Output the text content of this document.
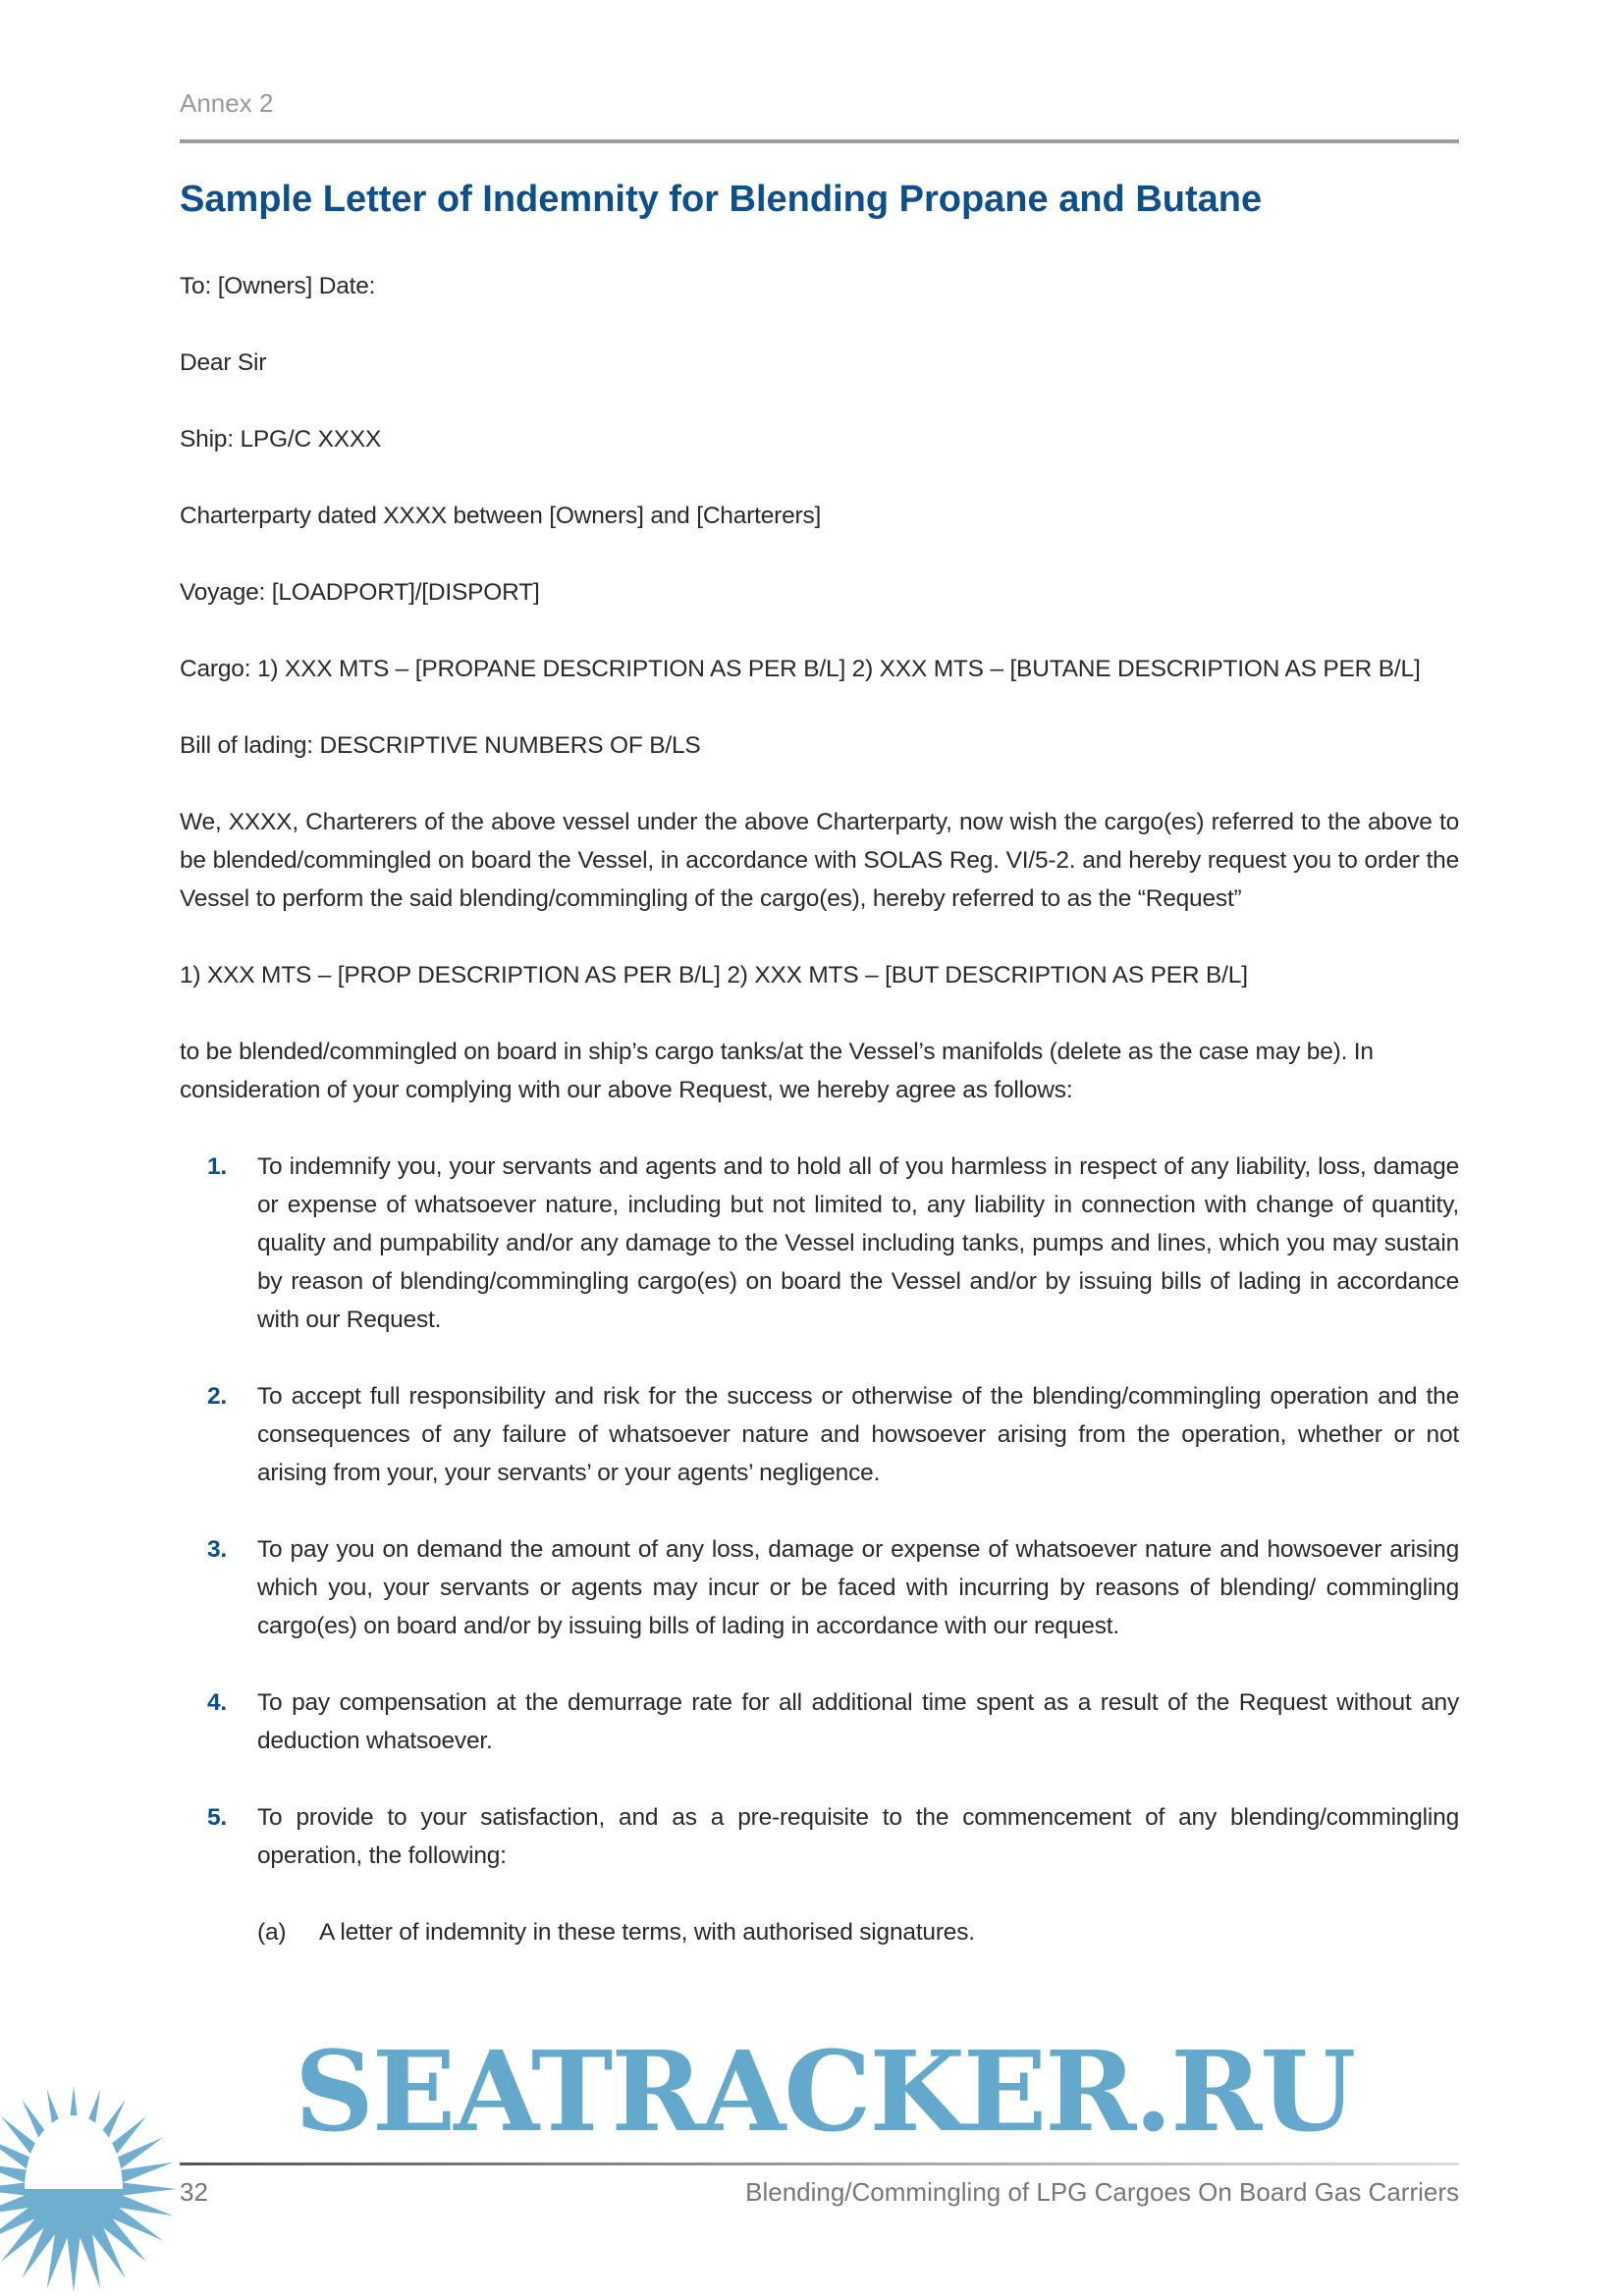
Annex 2
Sample Letter of Indemnity for Blending Propane and Butane

To: [Owners] Date:

Dear Sir

Ship: LPG/C XXXX

Charterparty dated XXXX between [Owners] and [Charterers]

Voyage: [LOADPORT]/[DISPORT]

Cargo: 1) XXX MTS – [PROPANE DESCRIPTION AS PER B/L] 2) XXX MTS – [BUTANE DESCRIPTION AS PER B/L]

Bill of lading: DESCRIPTIVE NUMBERS OF B/LS

We, XXXX, Charterers of the above vessel under the above Charterparty, now wish the cargo(es) referred to the above to be blended/commingled on board the Vessel, in accordance with SOLAS Reg. VI/5-2. and hereby request you to order the Vessel to perform the said blending/commingling of the cargo(es), hereby referred to as the “Request”

1) XXX MTS – [PROP DESCRIPTION AS PER B/L] 2) XXX MTS – [BUT DESCRIPTION AS PER B/L]

to be blended/commingled on board in ship’s cargo tanks/at the Vessel’s manifolds (delete as the case may be). In consideration of your complying with our above Request, we hereby agree as follows:

1. To indemnify you, your servants and agents and to hold all of you harmless in respect of any liability, loss, damage or expense of whatsoever nature, including but not limited to, any liability in connection with change of quantity, quality and pumpability and/or any damage to the Vessel including tanks, pumps and lines, which you may sustain by reason of blending/commingling cargo(es) on board the Vessel and/or by issuing bills of lading in accordance with our Request.
2. To accept full responsibility and risk for the success or otherwise of the blending/commingling operation and the consequences of any failure of whatsoever nature and howsoever arising from the operation, whether or not arising from your, your servants’ or your agents’ negligence.
3. To pay you on demand the amount of any loss, damage or expense of whatsoever nature and howsoever arising which you, your servants or agents may incur or be faced with incurring by reasons of blending/ commingling cargo(es) on board and/or by issuing bills of lading in accordance with our request.
4. To pay compensation at the demurrage rate for all additional time spent as a result of the Request without any deduction whatsoever.
5. To provide to your satisfaction, and as a pre-requisite to the commencement of any blending/commingling operation, the following:
(a) A letter of indemnity in these terms, with authorised signatures.
SEATRACKER.RU
32	Blending/Commingling of LPG Cargoes On Board Gas Carriers
